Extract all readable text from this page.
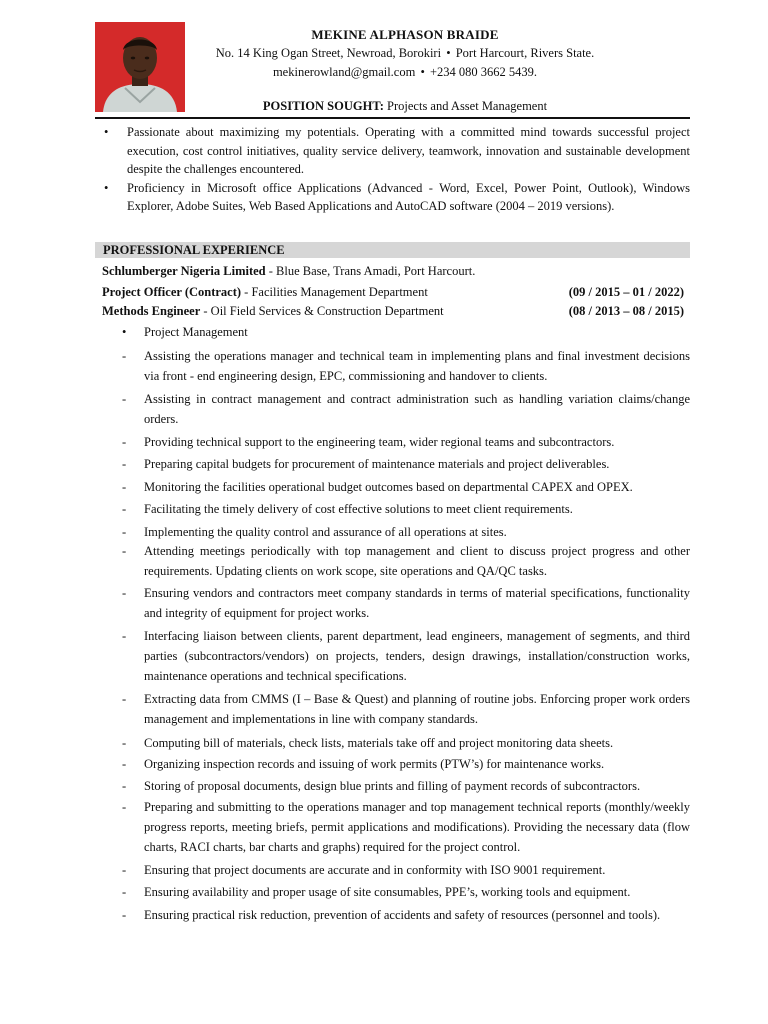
MEKINE ALPHASON BRAIDE
No. 14 King Ogan Street, Newroad, Borokiri • Port Harcourt, Rivers State.
mekinerowland@gmail.com • +234 080 3662 5439.
POSITION SOUGHT: Projects and Asset Management
• Passionate about maximizing my potentials. Operating with a committed mind towards successful project execution, cost control initiatives, quality service delivery, teamwork, innovation and sustainable development despite the challenges encountered.
• Proficiency in Microsoft office Applications (Advanced - Word, Excel, Power Point, Outlook), Windows Explorer, Adobe Suites, Web Based Applications and AutoCAD software (2004 – 2019 versions).
PROFESSIONAL EXPERIENCE
Schlumberger Nigeria Limited - Blue Base, Trans Amadi, Port Harcourt.
Project Officer (Contract) - Facilities Management Department	(09 / 2015 – 01 / 2022)
Methods Engineer - Oil Field Services & Construction Department	(08 / 2013 – 08 / 2015)
• Project Management
- Assisting the operations manager and technical team in implementing plans and final investment decisions via front - end engineering design, EPC, commissioning and handover to clients.
- Assisting in contract management and contract administration such as handling variation claims/change orders.
- Providing technical support to the engineering team, wider regional teams and subcontractors.
- Preparing capital budgets for procurement of maintenance materials and project deliverables.
- Monitoring the facilities operational budget outcomes based on departmental CAPEX and OPEX.
- Facilitating the timely delivery of cost effective solutions to meet client requirements.
- Implementing the quality control and assurance of all operations at sites.
- Attending meetings periodically with top management and client to discuss project progress and other requirements. Updating clients on work scope, site operations and QA/QC tasks.
- Ensuring vendors and contractors meet company standards in terms of material specifications, functionality and integrity of equipment for project works.
- Interfacing liaison between clients, parent department, lead engineers, management of segments, and third parties (subcontractors/vendors) on projects, tenders, design drawings, installation/construction works, maintenance operations and technical specifications.
- Extracting data from CMMS (I – Base & Quest) and planning of routine jobs. Enforcing proper work orders management and implementations in line with company standards.
- Computing bill of materials, check lists, materials take off and project monitoring data sheets.
- Organizing inspection records and issuing of work permits (PTW’s) for maintenance works.
- Storing of proposal documents, design blue prints and filling of payment records of subcontractors.
- Preparing and submitting to the operations manager and top management technical reports (monthly/weekly progress reports, meeting briefs, permit applications and modifications). Providing the necessary data (flow charts, RACI charts, bar charts and graphs) required for the project control.
- Ensuring that project documents are accurate and in conformity with ISO 9001 requirement.
- Ensuring availability and proper usage of site consumables, PPE’s, working tools and equipment.
- Ensuring practical risk reduction, prevention of accidents and safety of resources (personnel and tools).
